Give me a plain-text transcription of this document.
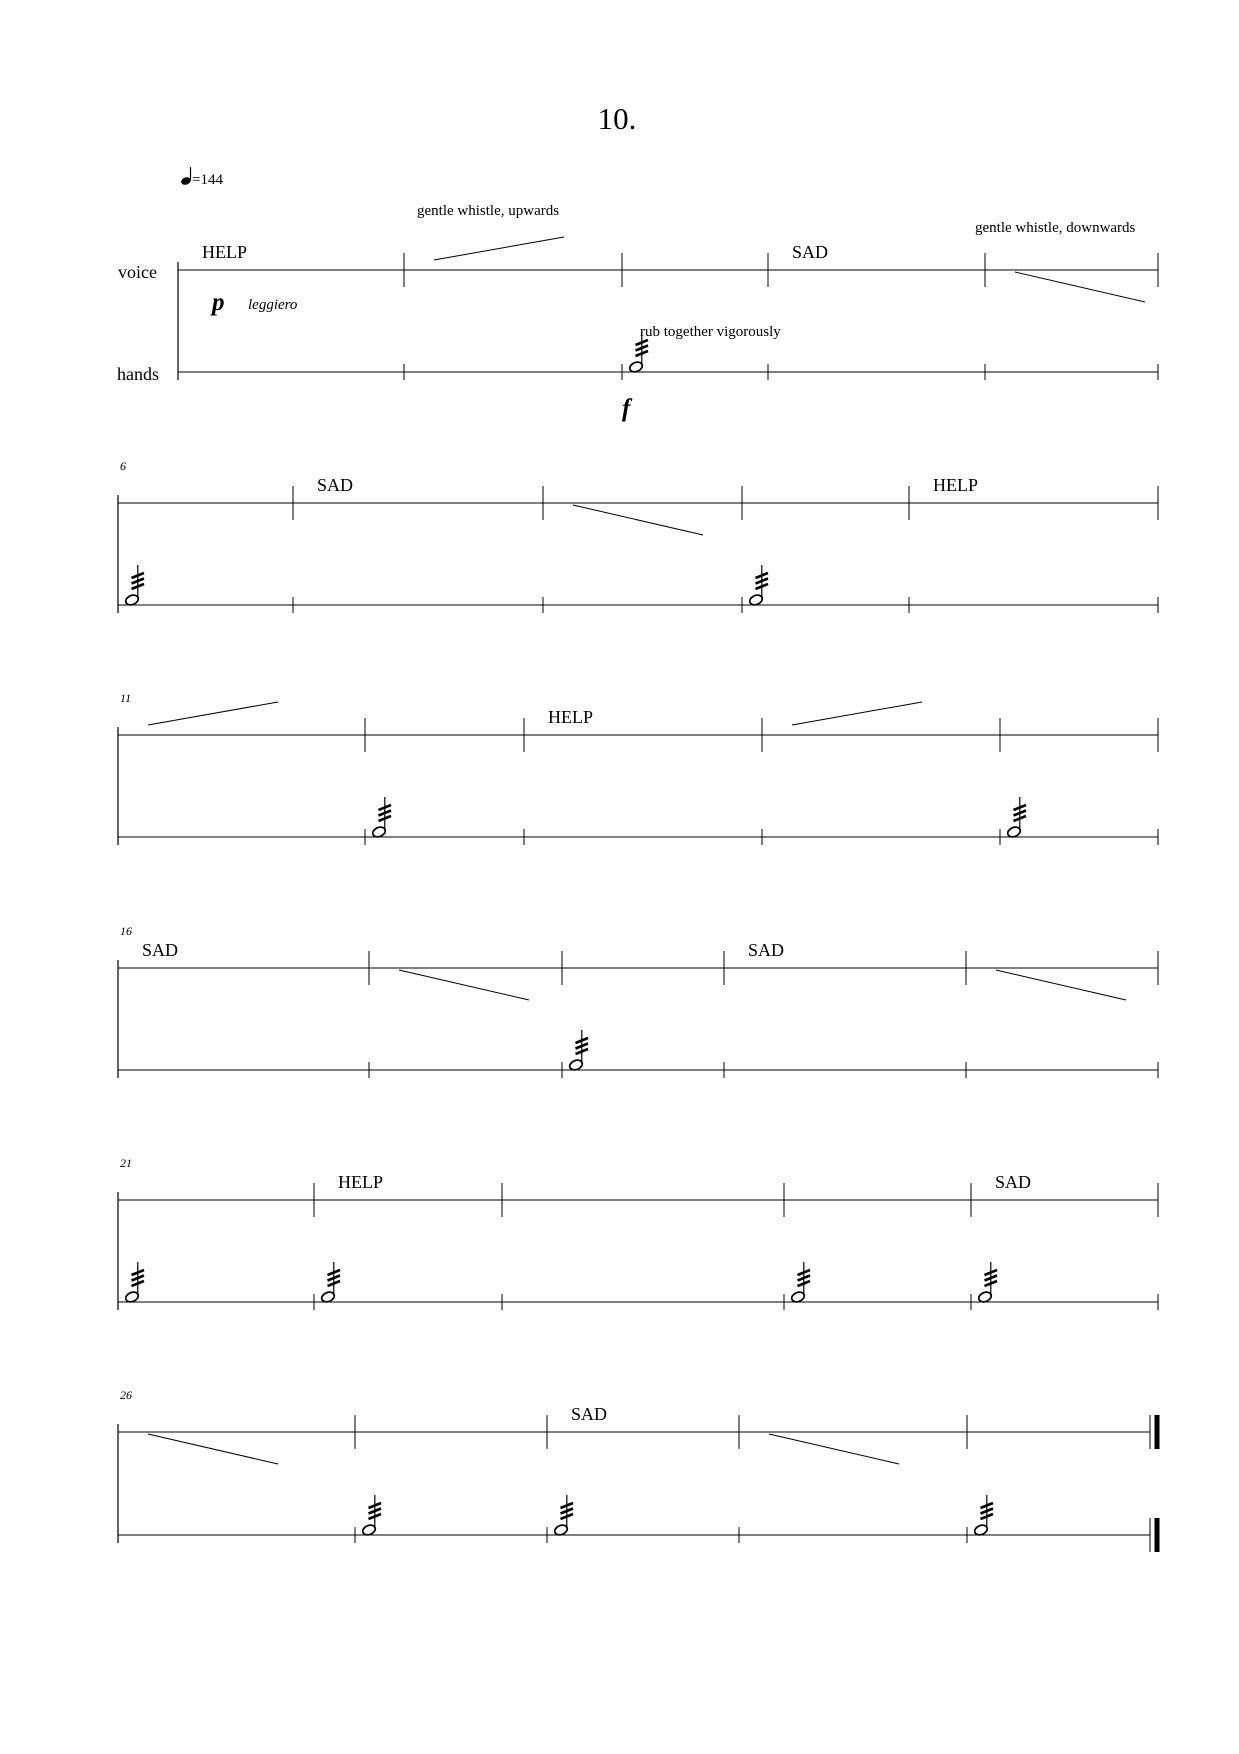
10.
=144
voice
hands
p leggiero
f
gentle whistle, upwards
gentle whistle, downwards
rub together vigorously
HELP	SAD
6
SAD	HELP
11
HELP
16
SAD	SAD
21
HELP	SAD
26
SAD
